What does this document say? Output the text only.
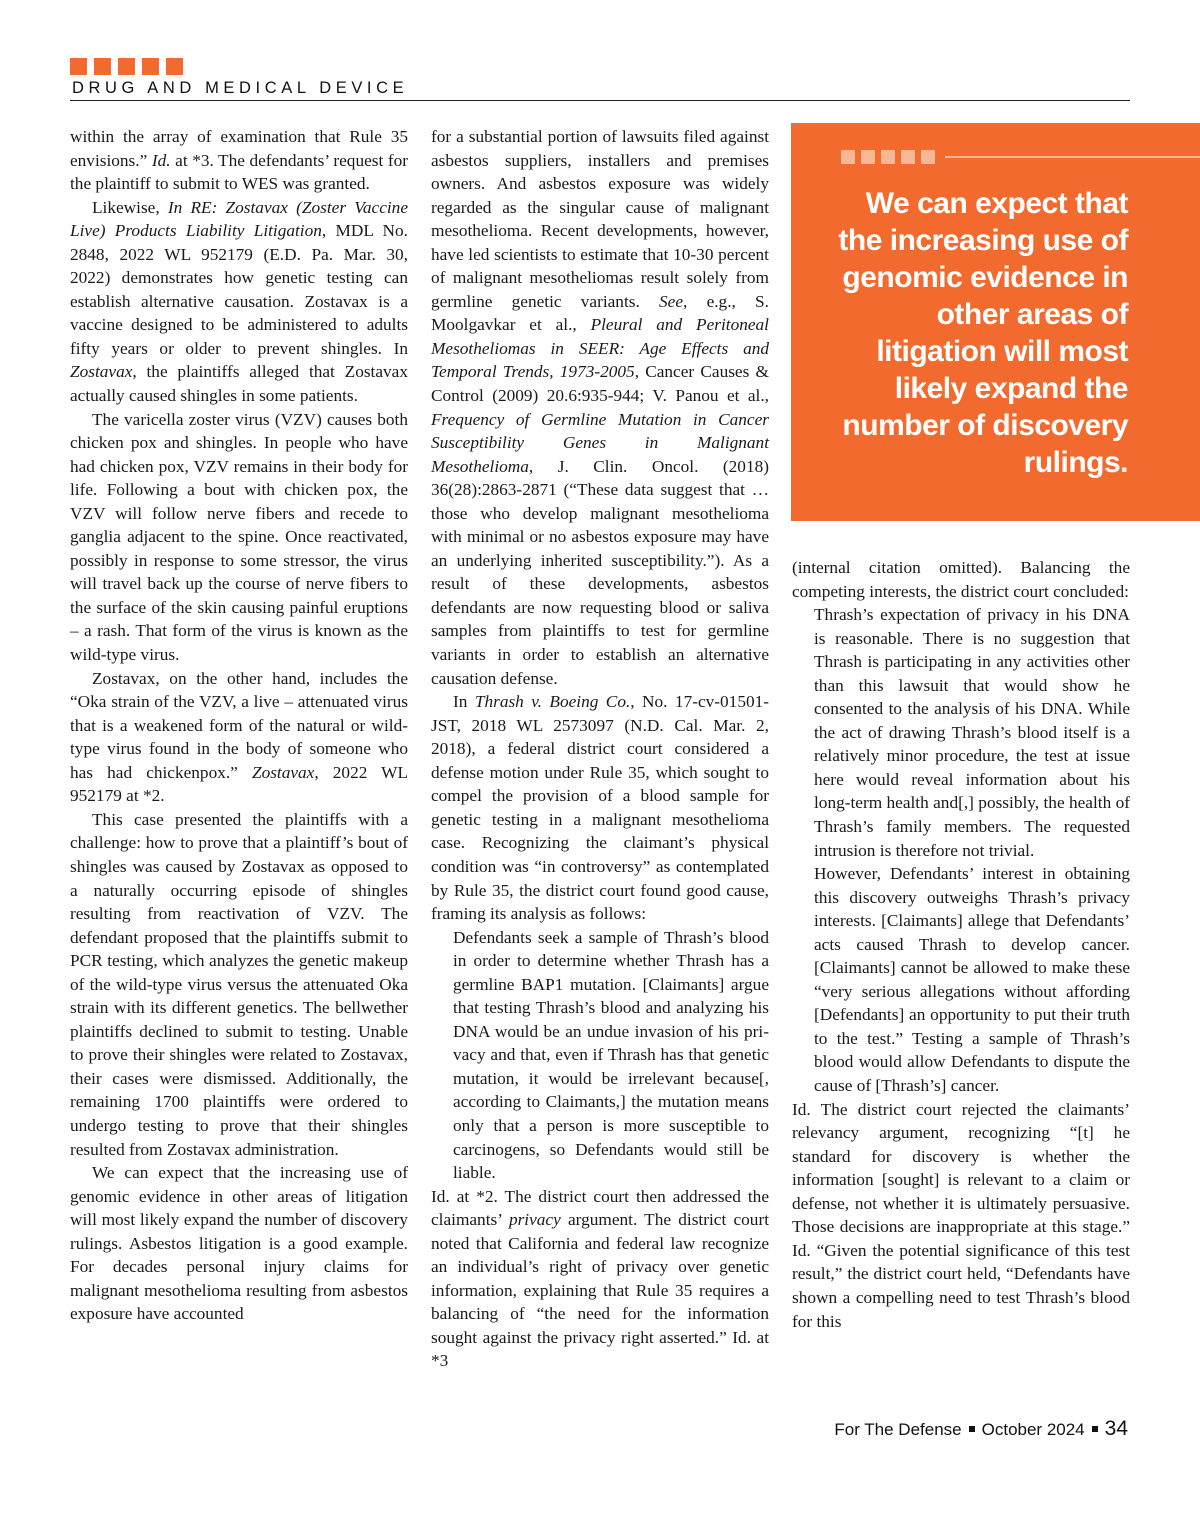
DRUG AND MEDICAL DEVICE

within the array of examination that Rule 35 envisions.” Id. at *3. The defendants’ request for the plaintiff to submit to WES was granted.

Likewise, In RE: Zostavax (Zoster Vaccine Live) Products Liability Litigation, MDL No. 2848, 2022 WL 952179 (E.D. Pa. Mar. 30, 2022) demonstrates how genetic testing can establish alternative causation. Zostavax is a vaccine designed to be administered to adults fifty years or older to prevent shingles. In Zostavax, the plaintiffs alleged that Zostavax actually caused shingles in some patients.

The varicella zoster virus (VZV) causes both chicken pox and shingles. In people who have had chicken pox, VZV remains in their body for life. Following a bout with chicken pox, the VZV will follow nerve fibers and recede to ganglia adjacent to the spine. Once reactivated, possibly in response to some stressor, the virus will travel back up the course of nerve fibers to the surface of the skin causing painful eruptions – a rash. That form of the virus is known as the wild-type virus.

Zostavax, on the other hand, includes the “Oka strain of the VZV, a live – attenuated virus that is a weakened form of the natural or wild-type virus found in the body of someone who has had chickenpox.” Zostavax, 2022 WL 952179 at *2.

This case presented the plaintiffs with a challenge: how to prove that a plaintiff’s bout of shingles was caused by Zostavax as opposed to a naturally occurring episode of shingles resulting from reactivation of VZV. The defendant proposed that the plaintiffs submit to PCR testing, which analyzes the genetic makeup of the wild-type virus versus the attenuated Oka strain with its different genetics. The bellwether plaintiffs declined to submit to testing. Unable to prove their shingles were related to Zostavax, their cases were dismissed. Additionally, the remaining 1700 plaintiffs were ordered to undergo testing to prove that their shingles resulted from Zostavax administration.

We can expect that the increasing use of genomic evidence in other areas of litigation will most likely expand the number of discovery rulings. Asbestos litigation is a good example. For decades personal injury claims for malignant mesothelioma resulting from asbestos exposure have accounted

for a substantial portion of lawsuits filed against asbestos suppliers, installers and premises owners. And asbestos exposure was widely regarded as the singular cause of malignant mesothelioma. Recent developments, however, have led scientists to estimate that 10-30 percent of malignant mesotheliomas result solely from germline genetic variants. See, e.g., S. Moolgavkar et al., Pleural and Peritoneal Mesotheliomas in SEER: Age Effects and Temporal Trends, 1973-2005, Cancer Causes & Control (2009) 20.6:935-944; V. Panou et al., Frequency of Germline Mutation in Cancer Susceptibility Genes in Malignant Mesothelioma, J. Clin. Oncol. (2018) 36(28):2863-2871 (“These data suggest that … those who develop malignant mesothelioma with minimal or no asbestos exposure may have an underlying inherited susceptibility.”). As a result of these developments, asbestos defendants are now requesting blood or saliva samples from plaintiffs to test for germline variants in order to establish an alternative causation defense.

In Thrash v. Boeing Co., No. 17-cv-01501-JST, 2018 WL 2573097 (N.D. Cal. Mar. 2, 2018), a federal district court considered a defense motion under Rule 35, which sought to compel the provision of a blood sample for genetic testing in a malignant mesothelioma case. Recognizing the claimant’s physical condition was “in controversy” as contemplated by Rule 35, the district court found good cause, framing its analysis as follows:

Defendants seek a sample of Thrash’s blood in order to determine whether Thrash has a germline BAP1 mutation. [Claimants] argue that testing Thrash’s blood and analyzing his DNA would be an undue invasion of his privacy and that, even if Thrash has that genetic mutation, it would be irrelevant because[, according to Claimants,] the mutation means only that a person is more susceptible to carcinogens, so Defendants would still be liable.

Id. at *2. The district court then addressed the claimants’ privacy argument. The district court noted that California and federal law recognize an individual’s right of privacy over genetic information, explaining that Rule 35 requires a balancing of “the need for the information sought against the privacy right asserted.” Id. at *3

We can expect that the increasing use of genomic evidence in other areas of litigation will most likely expand the number of discovery rulings.

(internal citation omitted). Balancing the competing interests, the district court concluded:

Thrash’s expectation of privacy in his DNA is reasonable. There is no suggestion that Thrash is participating in any activities other than this lawsuit that would show he consented to the analysis of his DNA. While the act of drawing Thrash’s blood itself is a relatively minor procedure, the test at issue here would reveal information about his long-term health and[,] possibly, the health of Thrash’s family members. The requested intrusion is therefore not trivial.

However, Defendants’ interest in obtaining this discovery outweighs Thrash’s privacy interests. [Claimants] allege that Defendants’ acts caused Thrash to develop cancer. [Claimants] cannot be allowed to make these “very serious allegations without affording [Defendants] an opportunity to put their truth to the test.” Testing a sample of Thrash’s blood would allow Defendants to dispute the cause of [Thrash’s] cancer.

Id. The district court rejected the claimants’ relevancy argument, recognizing “[t] he standard for discovery is whether the information [sought] is relevant to a claim or defense, not whether it is ultimately persuasive. Those decisions are inappropriate at this stage.” Id. “Given the potential significance of this test result,” the district court held, “Defendants have shown a compelling need to test Thrash’s blood for this

For The Defense October 2024 34
